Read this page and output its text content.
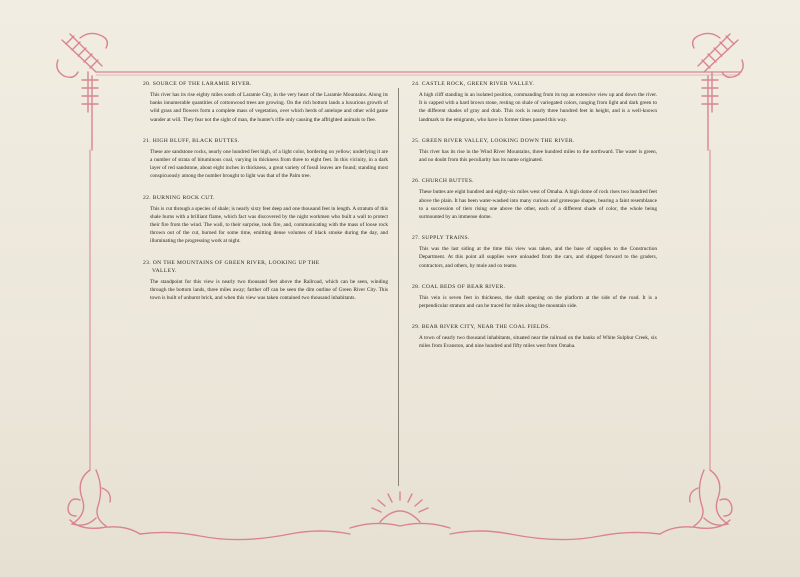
20. SOURCE OF THE LARAMIE RIVER.

This river has its rise eighty miles south of Laramie City, in the very heart of the Laramie Mountains. Along its banks innumerable quantities of cottonwood trees are growing. On the rich bottom lands a luxurious growth of wild grass and flowers form a complete mass of vegetation, over which herds of antelope and other wild game wander at will. They fear not the sight of man, the hunter's rifle only causing the affrighted animals to flee.

21. HIGH BLUFF, BLACK BUTTES.

These are sandstone rocks, nearly one hundred feet high, of a light color, bordering on yellow; underlying it are a number of strata of bituminous coal, varying in thickness from three to eight feet. In this vicinity, in a dark layer of red sandstone, about eight inches in thickness, a great variety of fossil leaves are found; standing most conspicuously among the number brought to light was that of the Palm tree.

22. BURNING ROCK CUT.

This is cut through a species of shale; is nearly sixty feet deep and one thousand feet in length. A stratum of this shale burns with a brilliant flame, which fact was discovered by the night workmen who built a wall to protect their fire from the wind. The wall, to their surprise, took fire, and, communicating with the mass of loose rock thrown out of the cut, burned for some time, emitting dense volumes of black smoke during the day, and illuminating the progressing work at night.

23. ON THE MOUNTAINS OF GREEN RIVER, LOOKING UP THE
VALLEY.

The standpoint for this view is nearly two thousand feet above the Railroad, which can be seen, winding through the bottom lands, three miles away; farther off can be seen the dim outline of Green River City. This town is built of unburnt brick, and when this view was taken contained two thousand inhabitants.

24. CASTLE ROCK, GREEN RIVER VALLEY.

A high cliff standing in an isolated position, commanding from its top an extensive view up and down the river. It is capped with a hard brown stone, resting on shale of variegated colors, ranging from light and dark green to the different shades of gray and drab. This rock is nearly three hundred feet in height, and is a well-known landmark to the emigrants, who have in former times passed this way.

25. GREEN RIVER VALLEY, LOOKING DOWN THE RIVER.

This river has its rise in the Wind River Mountains, three hundred miles to the northward. The water is green, and no doubt from this peculiarity has its name originated.

26. CHURCH BUTTES.

These buttes are eight hundred and eighty-six miles west of Omaha. A high dome of rock rises two hundred feet above the plain. It has been water-washed into many curious and grotesque shapes, bearing a faint resemblance to a succession of tiers rising one above the other, each of a different shade of color, the whole being surmounted by an immense dome.

27. SUPPLY TRAINS.

This was the last siding at the time this view was taken, and the base of supplies to the Construction Department. At this point all supplies were unloaded from the cars, and shipped forward to the graders, contractors, and others, by mule and ox teams.

28. COAL BEDS OF BEAR RIVER.

This vein is seven feet in thickness, the shaft opening on the platform at the side of the road. It is a perpendicular stratum and can be traced for miles along the mountain side.

29. BEAR RIVER CITY, NEAR THE COAL FIELDS.

A town of nearly two thousand inhabitants, situated near the railroad on the banks of White Sulphur Creek, six miles from Evanston, and nine hundred and fifty miles west from Omaha.
